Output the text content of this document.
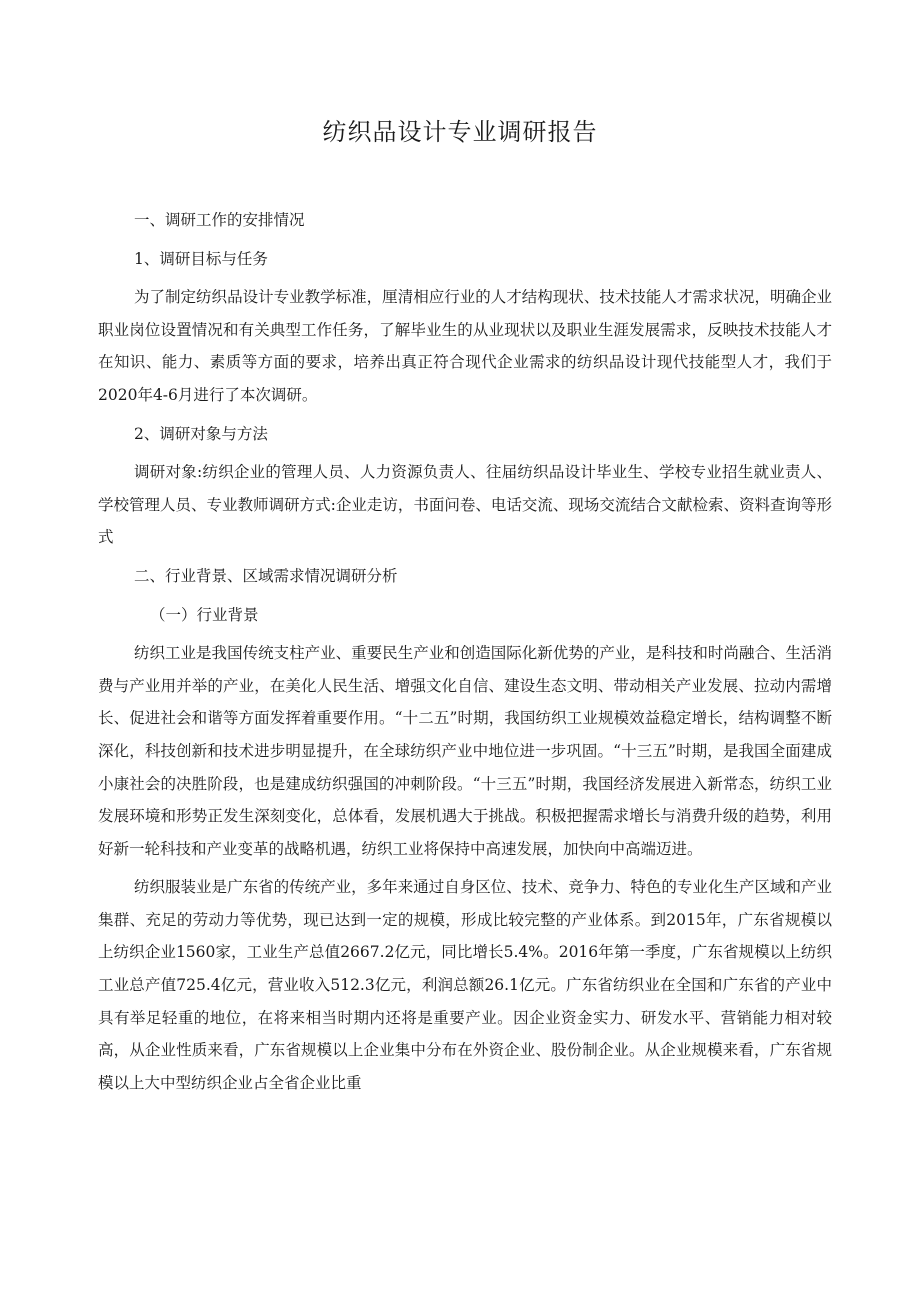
纺织品设计专业调研报告

一、调研工作的安排情况

1、调研目标与任务

为了制定纺织品设计专业教学标准，厘清相应行业的人才结构现状、技术技能人才需求状况，明确企业职业岗位设置情况和有关典型工作任务，了解毕业生的从业现状以及职业生涯发展需求，反映技术技能人才在知识、能力、素质等方面的要求，培养出真正符合现代企业需求的纺织品设计现代技能型人才，我们于2020年4-6月进行了本次调研。

2、调研对象与方法

调研对象:纺织企业的管理人员、人力资源负责人、往届纺织品设计毕业生、学校专业招生就业责人、学校管理人员、专业教师调研方式:企业走访，书面问卷、电话交流、现场交流结合文献检索、资料查询等形式

二、行业背景、区域需求情况调研分析

（一）行业背景

纺织工业是我国传统支柱产业、重要民生产业和创造国际化新优势的产业，是科技和时尚融合、生活消费与产业用并举的产业，在美化人民生活、增强文化自信、建设生态文明、带动相关产业发展、拉动内需增长、促进社会和谐等方面发挥着重要作用。“十二五”时期，我国纺织工业规模效益稳定增长，结构调整不断深化，科技创新和技术进步明显提升，在全球纺织产业中地位进一步巩固。“十三五”时期，是我国全面建成小康社会的决胜阶段，也是建成纺织强国的冲刺阶段。“十三五”时期，我国经济发展进入新常态，纺织工业发展环境和形势正发生深刻变化，总体看，发展机遇大于挑战。积极把握需求增长与消费升级的趋势，利用好新一轮科技和产业变革的战略机遇，纺织工业将保持中高速发展，加快向中高端迈进。

纺织服装业是广东省的传统产业，多年来通过自身区位、技术、竞争力、特色的专业化生产区域和产业集群、充足的劳动力等优势，现已达到一定的规模，形成比较完整的产业体系。到2015年，广东省规模以上纺织企业1560家，工业生产总值2667.2亿元，同比增长5.4%。2016年第一季度，广东省规模以上纺织工业总产值725.4亿元，营业收入512.3亿元，利润总额26.1亿元。广东省纺织业在全国和广东省的产业中具有举足轻重的地位，在将来相当时期内还将是重要产业。因企业资金实力、研发水平、营销能力相对较高，从企业性质来看，广东省规模以上企业集中分布在外资企业、股份制企业。从企业规模来看，广东省规模以上大中型纺织企业占全省企业比重
